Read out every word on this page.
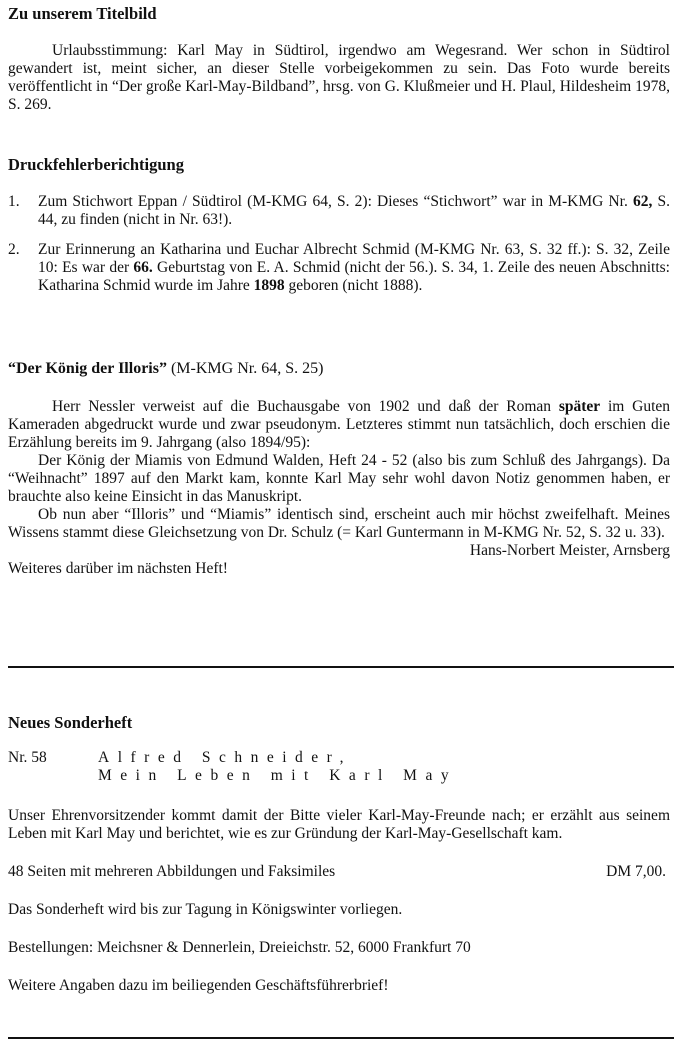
Zu unserem Titelbild

Urlaubsstimmung: Karl May in Südtirol, irgendwo am Wegesrand. Wer schon in Südtirol gewandert ist, meint sicher, an dieser Stelle vorbeigekommen zu sein. Das Foto wurde bereits veröffentlicht in “Der große Karl-May-Bildband”, hrsg. von G. Klußmeier und H. Plaul, Hildesheim 1978, S. 269.

Druckfehlerberichtigung
1.	Zum Stichwort Eppan / Südtirol (M-KMG 64, S. 2): Dieses “Stichwort” war in M-KMG Nr. 62, S. 44, zu finden (nicht in Nr. 63!).
2.	Zur Erinnerung an Katharina und Euchar Albrecht Schmid (M-KMG Nr. 63, S. 32 ff.): S. 32, Zeile 10: Es war der 66. Geburtstag von E. A. Schmid (nicht der 56.). S. 34, 1. Zeile des neuen Abschnitts: Katharina Schmid wurde im Jahre 1898 geboren (nicht 1888).
“Der König der Illoris” (M-KMG Nr. 64, S. 25)

Herr Nessler verweist auf die Buchausgabe von 1902 und daß der Roman später im Guten Kameraden abgedruckt wurde und zwar pseudonym. Letzteres stimmt nun tatsächlich, doch erschien die Erzählung bereits im 9. Jahrgang (also 1894/95):

Der König der Miamis von Edmund Walden, Heft 24 - 52 (also bis zum Schluß des Jahrgangs). Da “Weihnacht” 1897 auf den Markt kam, konnte Karl May sehr wohl davon Notiz genommen haben, er brauchte also keine Einsicht in das Manuskript.

Ob nun aber “Illoris” und “Miamis” identisch sind, erscheint auch mir höchst zweifelhaft. Meines Wissens stammt diese Gleichsetzung von Dr. Schulz (= Karl Guntermann in M-KMG Nr. 52, S. 32 u. 33).

Hans-Norbert Meister, Arnsberg

Weiteres darüber im nächsten Heft!

Neues Sonderheft
Nr. 58	Alfred Schneider,
Mein Leben mit Karl May

Unser Ehrenvorsitzender kommt damit der Bitte vieler Karl-May-Freunde nach; er erzählt aus seinem Leben mit Karl May und berichtet, wie es zur Gründung der Karl-May-Gesellschaft kam.

48 Seiten mit mehreren Abbildungen und Faksimiles	DM 7,00.

Das Sonderheft wird bis zur Tagung in Königswinter vorliegen.

Bestellungen: Meichsner & Dennerlein, Dreieichstr. 52, 6000 Frankfurt 70

Weitere Angaben dazu im beiliegenden Geschäftsführerbrief!
